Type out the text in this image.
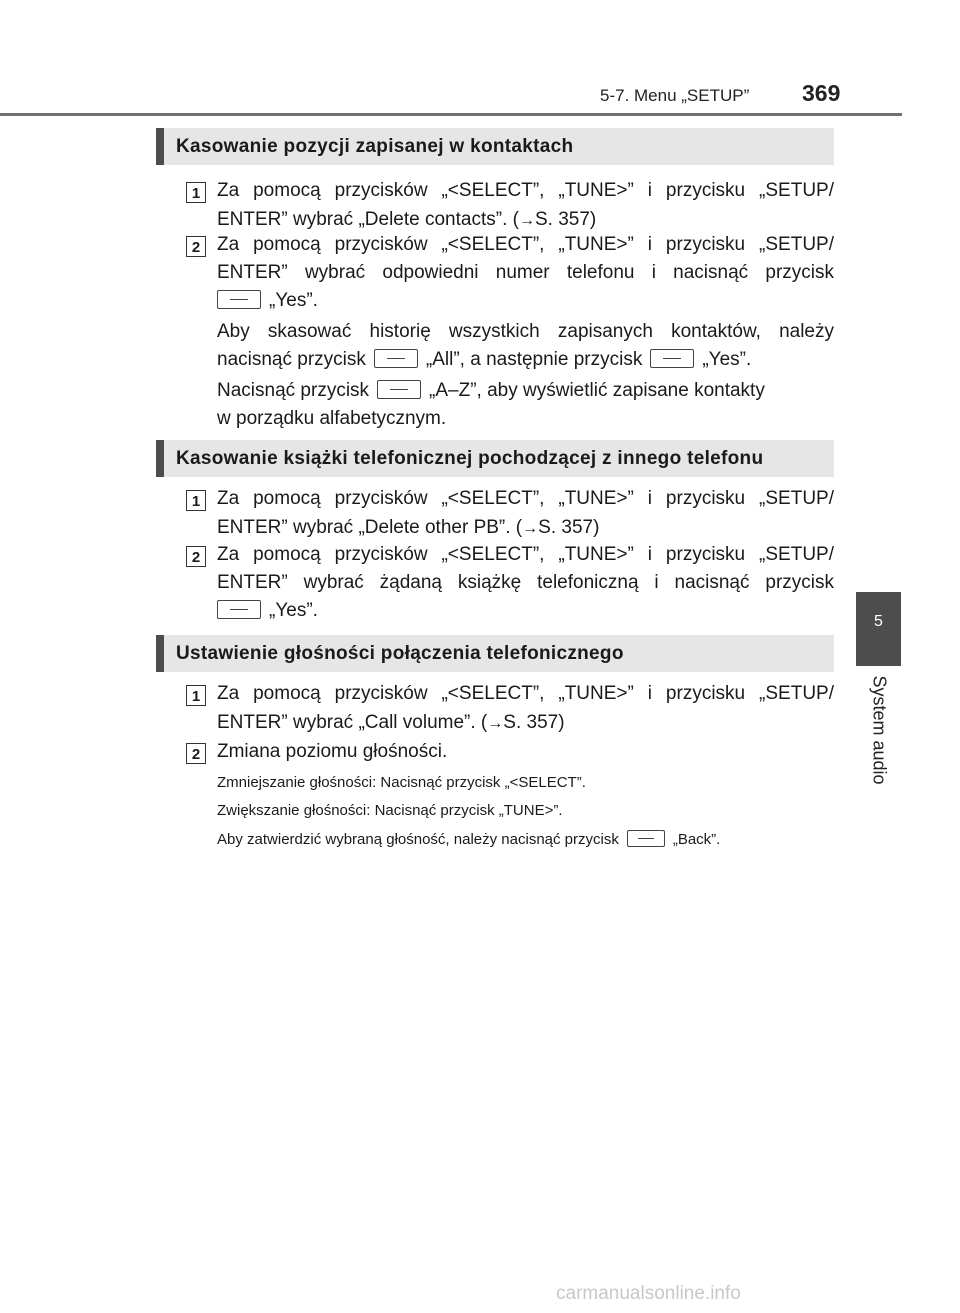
5-7. Menu „SETUP” 369
5
System audio
Kasowanie pozycji zapisanej w kontaktach
1 Za pomocą przycisków „<SELECT”, „TUNE>” i przycisku „SETUP/
ENTER” wybrać „Delete contacts”. (→S. 357)
2 Za pomocą przycisków „<SELECT”, „TUNE>” i przycisku „SETUP/
ENTER” wybrać odpowiedni numer telefonu i nacisnąć przycisk
„Yes”.
Aby skasować historię wszystkich zapisanych kontaktów, należy
nacisnąć przycisk	„All”, a następnie przycisk	„Yes”.
Nacisnąć przycisk	„A–Z”, aby wyświetlić zapisane kontakty
w porządku alfabetycznym.
Kasowanie książki telefonicznej pochodzącej z innego telefonu
1 Za pomocą przycisków „<SELECT”, „TUNE>” i przycisku „SETUP/
ENTER” wybrać „Delete other PB”. (→S. 357)
2 Za pomocą przycisków „<SELECT”, „TUNE>” i przycisku „SETUP/
ENTER” wybrać żądaną książkę telefoniczną i nacisnąć przycisk
„Yes”.
Ustawienie głośności połączenia telefonicznego
1 Za pomocą przycisków „<SELECT”, „TUNE>” i przycisku „SETUP/
ENTER” wybrać „Call volume”. (→S. 357)
2 Zmiana poziomu głośności.
Zmniejszanie głośności: Nacisnąć przycisk „<SELECT”.
Zwiększanie głośności: Nacisnąć przycisk „TUNE>”.
Aby zatwierdzić wybraną głośność, należy nacisnąć przycisk	„Back”.
carmanualsonline.info
